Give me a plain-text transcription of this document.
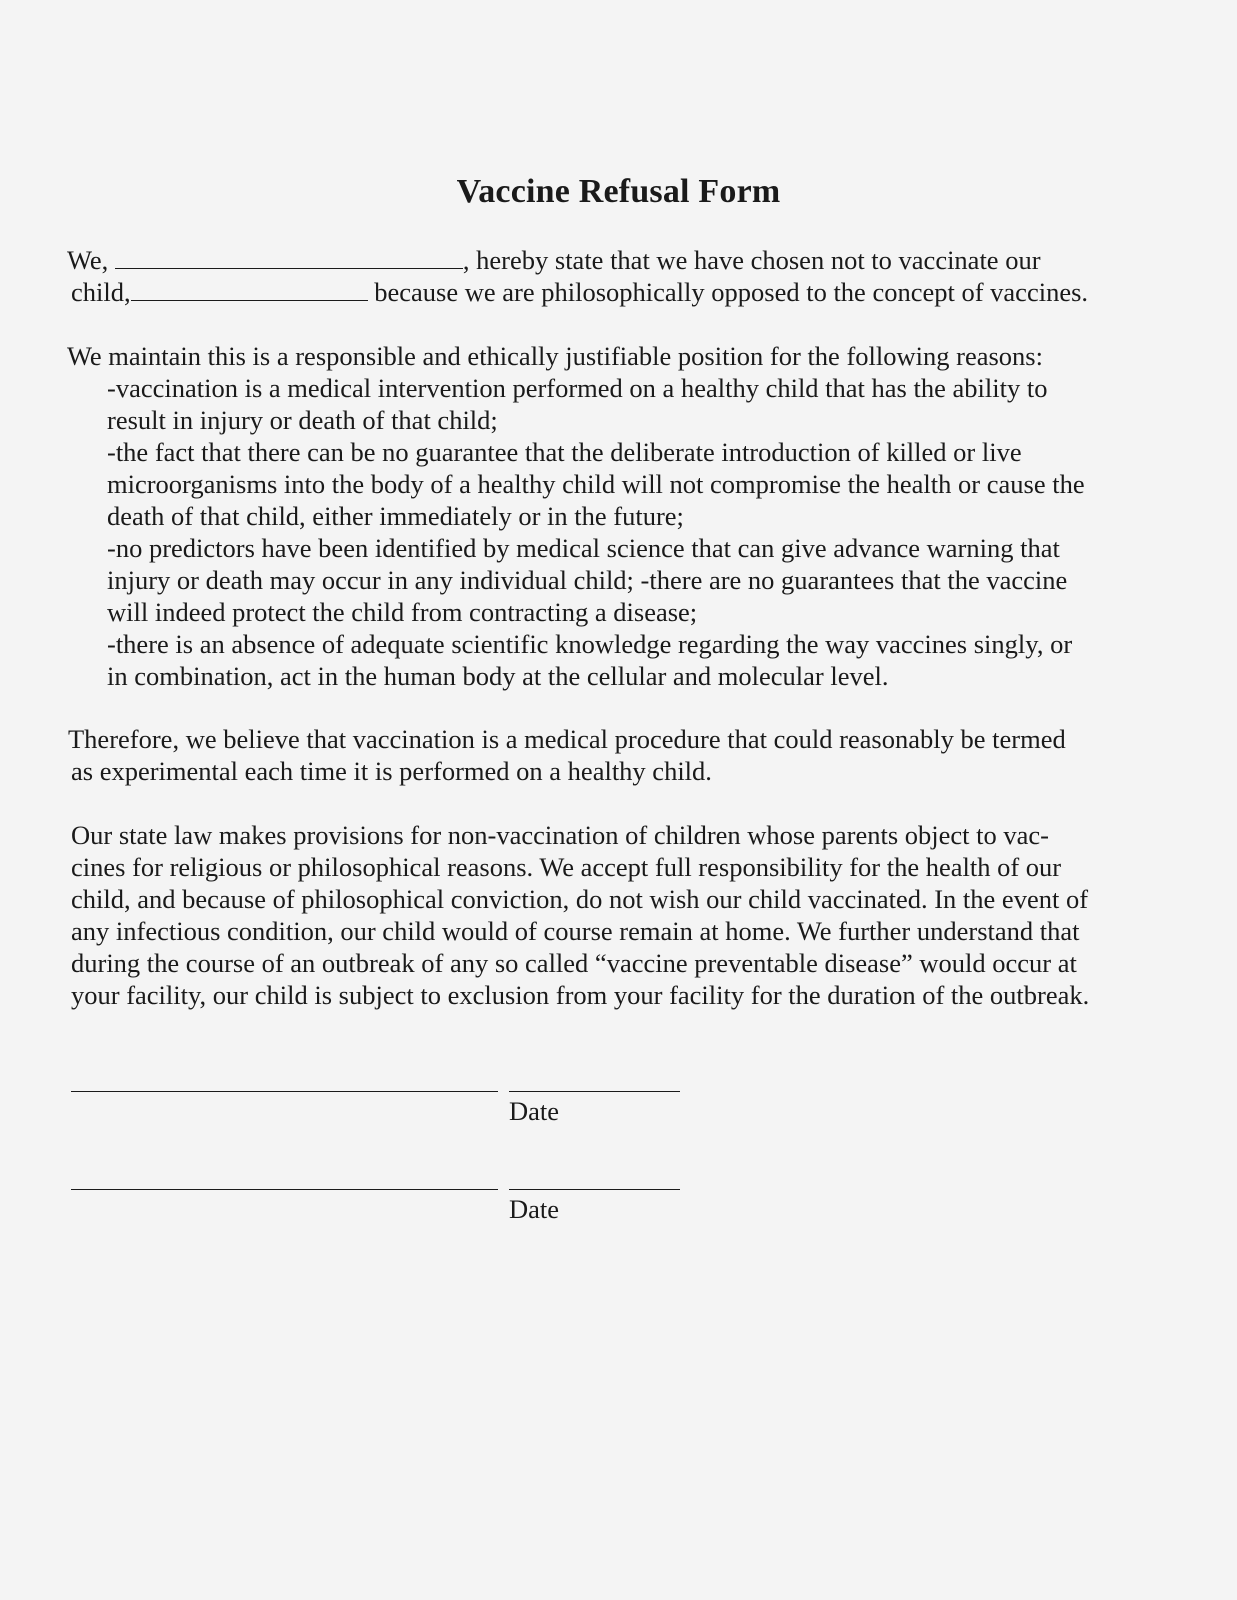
Vaccine Refusal Form
We,	, hereby state that we have chosen not to vaccinate our
child,	because we are philosophically opposed to the concept of vaccines.
We maintain this is a responsible and ethically justifiable position for the following reasons:
-vaccination is a medical intervention performed on a healthy child that has the ability to
result in injury or death of that child;
-the fact that there can be no guarantee that the deliberate introduction of killed or live
microorganisms into the body of a healthy child will not compromise the health or cause the
death of that child, either immediately or in the future;
-no predictors have been identified by medical science that can give advance warning that
injury or death may occur in any individual child; -there are no guarantees that the vaccine
will indeed protect the child from contracting a disease;
-there is an absence of adequate scientific knowledge regarding the way vaccines singly, or
in combination, act in the human body at the cellular and molecular level.
Therefore, we believe that vaccination is a medical procedure that could reasonably be termed
as experimental each time it is performed on a healthy child.
Our state law makes provisions for non-vaccination of children whose parents object to vac-
cines for religious or philosophical reasons. We accept full responsibility for the health of our
child, and because of philosophical conviction, do not wish our child vaccinated. In the event of
any infectious condition, our child would of course remain at home. We further understand that
during the course of an outbreak of any so called “vaccine preventable disease” would occur at
your facility, our child is subject to exclusion from your facility for the duration of the outbreak.
Date
Date
